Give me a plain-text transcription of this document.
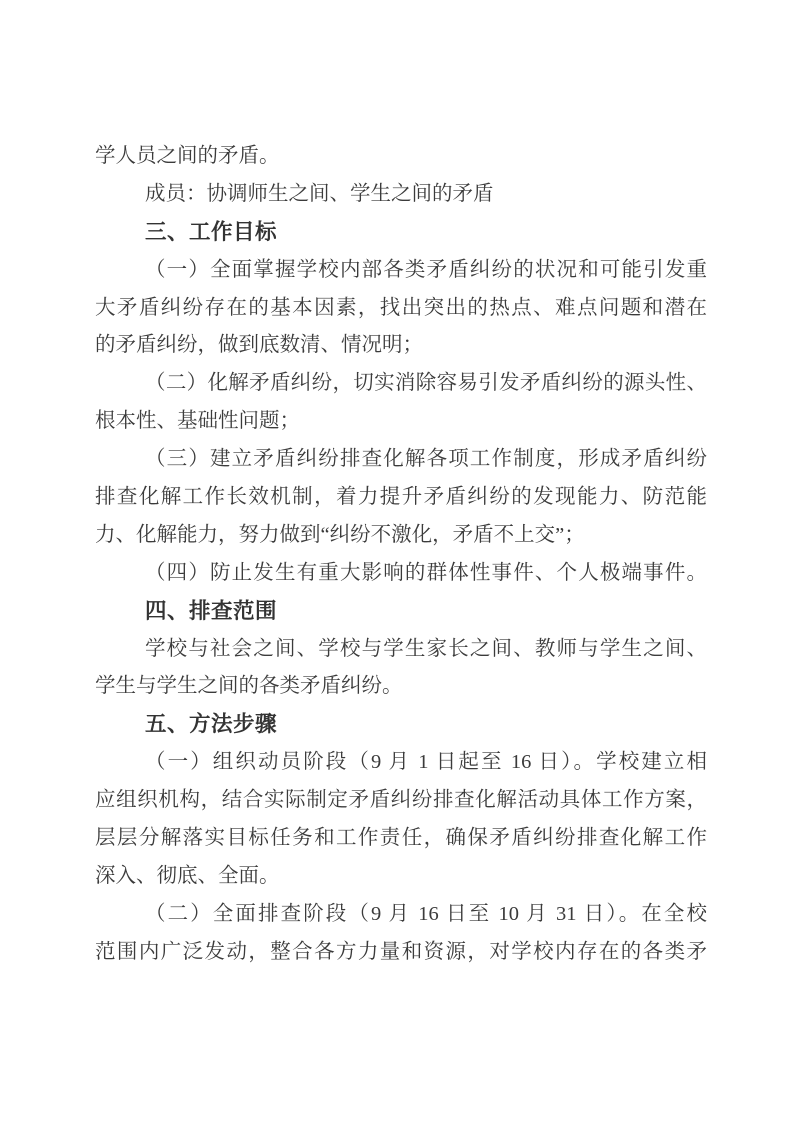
学人员之间的矛盾。
成员：协调师生之间、学生之间的矛盾
三、工作目标
（一）全面掌握学校内部各类矛盾纠纷的状况和可能引发重
大矛盾纠纷存在的基本因素，找出突出的热点、难点问题和潜在
的矛盾纠纷，做到底数清、情况明；
（二）化解矛盾纠纷，切实消除容易引发矛盾纠纷的源头性、
根本性、基础性问题；
（三）建立矛盾纠纷排查化解各项工作制度，形成矛盾纠纷
排查化解工作长效机制，着力提升矛盾纠纷的发现能力、防范能
力、化解能力，努力做到“纠纷不激化，矛盾不上交”；
（四）防止发生有重大影响的群体性事件、个人极端事件。
四、排查范围
学校与社会之间、学校与学生家长之间、教师与学生之间、
学生与学生之间的各类矛盾纠纷。
五、方法步骤
（一）组织动员阶段（9 月 1 日起至 16 日）。学校建立相
应组织机构，结合实际制定矛盾纠纷排查化解活动具体工作方案，
层层分解落实目标任务和工作责任，确保矛盾纠纷排查化解工作
深入、彻底、全面。
（二）全面排查阶段（9 月 16 日至 10 月 31 日）。在全校
范围内广泛发动，整合各方力量和资源，对学校内存在的各类矛
